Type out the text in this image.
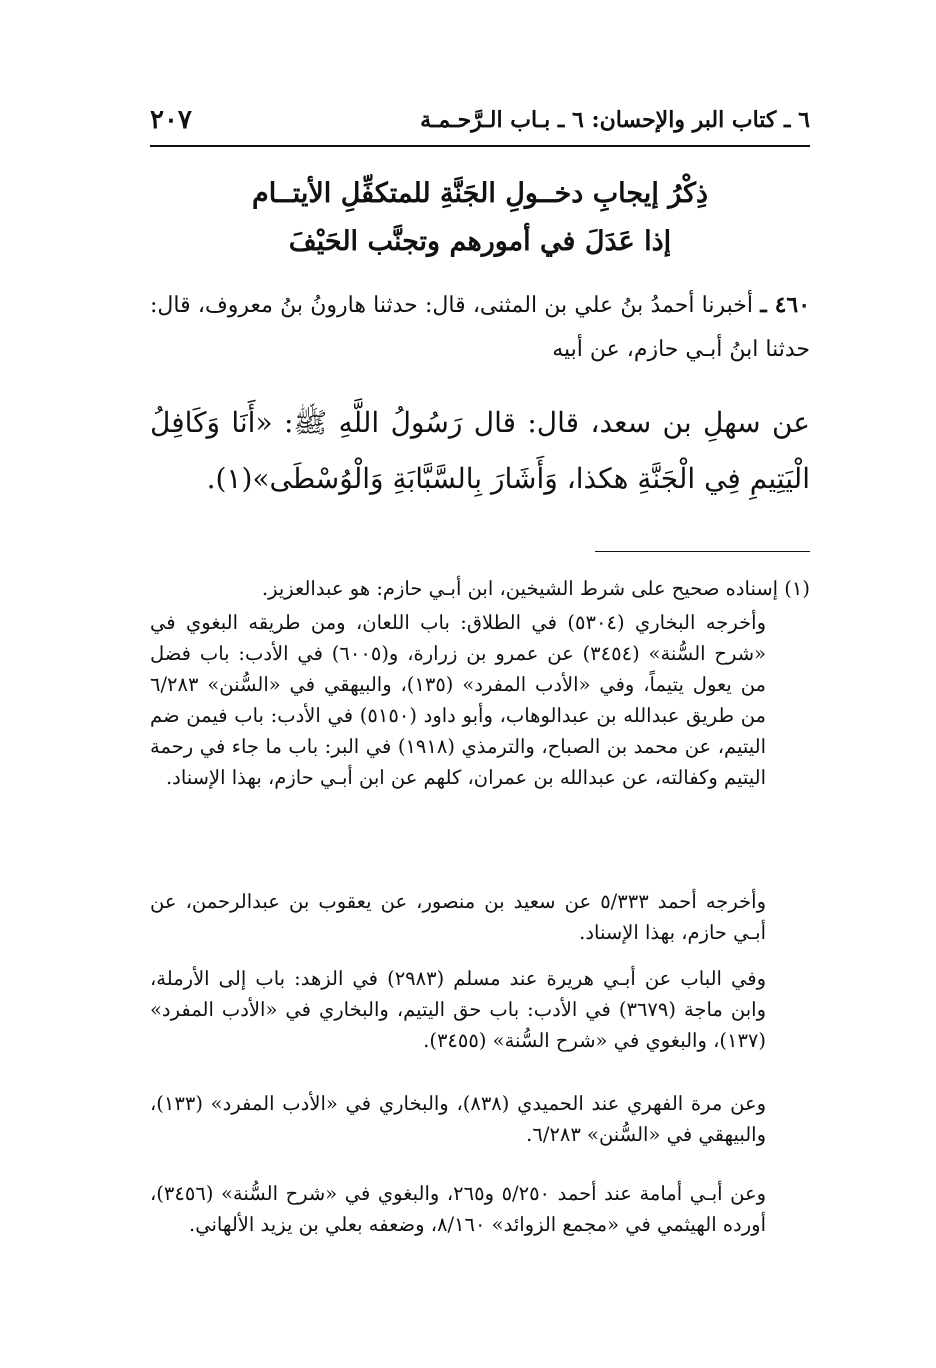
٦ ـ كتاب البر والإحسان: ٦ ـ بـاب الـرَّحـمـة
٢٠٧
ذِكْرُ إيجابِ دخــولِ الجَنَّةِ للمتكفِّلِ الأيتــام
إذا عَدَلَ في أمورهم وتجنَّب الحَيْفَ
٤٦٠ ـ أخبرنا أحمدُ بنُ علي بن المثنى، قال: حدثنا هارونُ بنُ معروف، قال: حدثنا ابنُ أبـي حازم، عن أبيه
عن سهلِ بن سعد، قال: قال رَسُولُ اللَّهِ ﷺ: «أَنَا وَكَافِلُ الْيَتِيمِ فِي الْجَنَّةِ هكذا، وَأَشَارَ بِالسَّبَّابَةِ وَالْوُسْطَى»(١).
(١) إسناده صحيح على شرط الشيخين، ابن أبـي حازم: هو عبدالعزيز.
وأخرجه البخاري (٥٣٠٤) في الطلاق: باب اللعان، ومن طريقه البغوي في «شرح السُّنة» (٣٤٥٤) عن عمرو بن زرارة، و(٦٠٠٥) في الأدب: باب فضل من يعول يتيماً، وفي «الأدب المفرد» (١٣٥)، والبيهقي في «السُّنن» ٦/٢٨٣ من طريق عبدالله بن عبدالوهاب، وأبو داود (٥١٥٠) في الأدب: باب فيمن ضم اليتيم، عن محمد بن الصباح، والترمذي (١٩١٨) في البر: باب ما جاء في رحمة اليتيم وكفالته، عن عبدالله بن عمران، كلهم عن ابن أبـي حازم، بهذا الإسناد.
وأخرجه أحمد ٥/٣٣٣ عن سعيد بن منصور، عن يعقوب بن عبدالرحمن، عن أبـي حازم، بهذا الإسناد.
وفي الباب عن أبـي هريرة عند مسلم (٢٩٨٣) في الزهد: باب إلى الأرملة، وابن ماجة (٣٦٧٩) في الأدب: باب حق اليتيم، والبخاري في «الأدب المفرد» (١٣٧)، والبغوي في «شرح السُّنة» (٣٤٥٥).
وعن مرة الفهري عند الحميدي (٨٣٨)، والبخاري في «الأدب المفرد» (١٣٣)، والبيهقي في «السُّنن» ٦/٢٨٣.
وعن أبـي أمامة عند أحمد ٥/٢٥٠ و٢٦٥، والبغوي في «شرح السُّنة» (٣٤٥٦)، أورده الهيثمي في «مجمع الزوائد» ٨/١٦٠، وضعفه بعلي بن يزيد الألهاني.
